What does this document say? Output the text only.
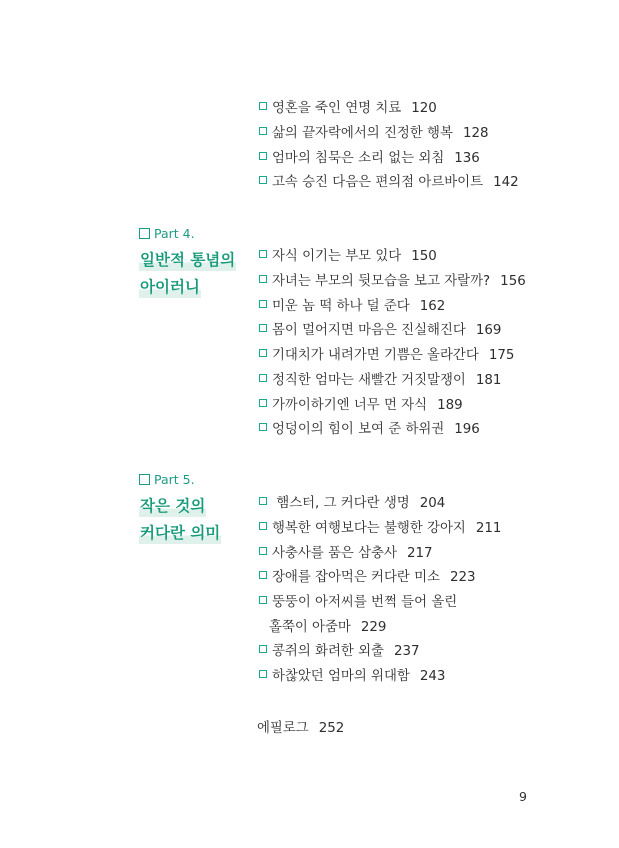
영혼을 죽인 연명 치료 120
삶의 끝자락에서의 진정한 행복 128
엄마의 침묵은 소리 없는 외침 136
고속 승진 다음은 편의점 아르바이트 142
Part 4.
일반적 통념의
아이러니
자식 이기는 부모 있다 150
자녀는 부모의 뒷모습을 보고 자랄까? 156
미운 놈 떡 하나 덜 준다 162
몸이 멀어지면 마음은 진실해진다 169
기대치가 내려가면 기쁨은 올라간다 175
정직한 엄마는 새빨간 거짓말쟁이 181
가까이하기엔 너무 먼 자식 189
엉덩이의 힘이 보여 준 하위권 196
Part 5.
작은 것의
커다란 의미
햄스터, 그 커다란 생명 204
행복한 여행보다는 불행한 강아지 211
사충사를 품은 삼충사 217
장애를 잡아먹은 커다란 미소 223
뚱뚱이 아저씨를 번쩍 들어 올린
홀쭉이 아줌마 229
콩쥐의 화려한 외출 237
하찮았던 엄마의 위대함 243
에필로그 252
9
